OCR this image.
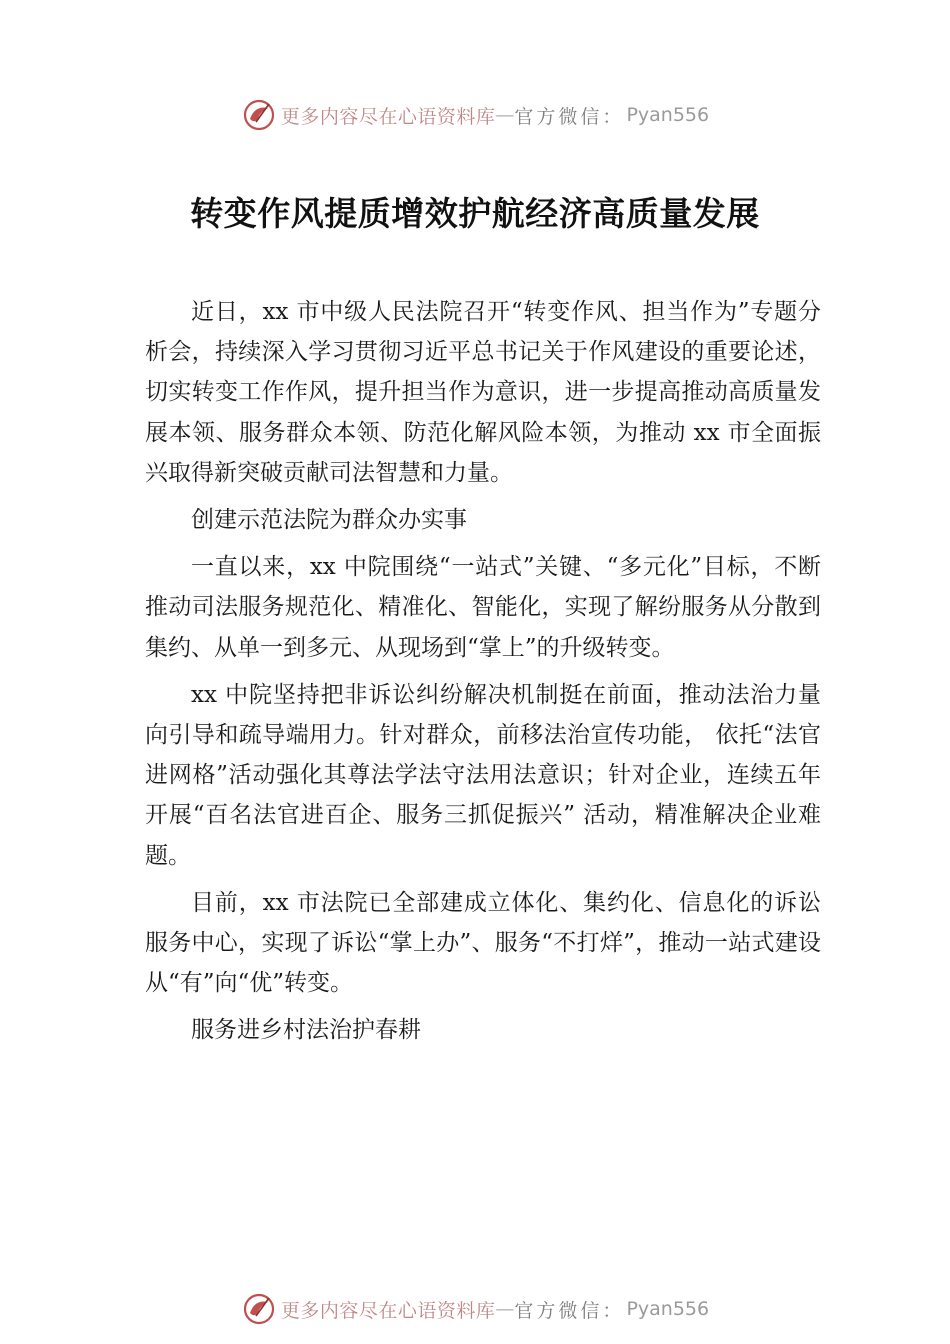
更多内容尽在心语资料库 — 官方微信： Pyan556
转变作风提质增效护航经济高质量发展

近日，xx 市中级人民法院召开“转变作风、担当作为”专题分析会，持续深入学习贯彻习近平总书记关于作风建设的重要论述，切实转变工作作风，提升担当作为意识，进一步提高推动高质量发展本领、服务群众本领、防范化解风险本领，为推动 xx 市全面振兴取得新突破贡献司法智慧和力量。

创建示范法院为群众办实事

一直以来，xx 中院围绕“一站式”关键、“多元化”目标，不断推动司法服务规范化、精准化、智能化，实现了解纷服务从分散到集约、从单一到多元、从现场到“掌上”的升级转变。

xx 中院坚持把非诉讼纠纷解决机制挺在前面，推动法治力量向引导和疏导端用力。针对群众，前移法治宣传功能， 依托“法官进网格”活动强化其尊法学法守法用法意识；针对企业，连续五年开展“百名法官进百企、服务三抓促振兴” 活动，精准解决企业难题。

目前，xx 市法院已全部建成立体化、集约化、信息化的诉讼服务中心，实现了诉讼“掌上办”、服务“不打烊”，推动一站式建设从“有”向“优”转变。

服务进乡村法治护春耕

更多内容尽在心语资料库 — 官方微信： Pyan556
